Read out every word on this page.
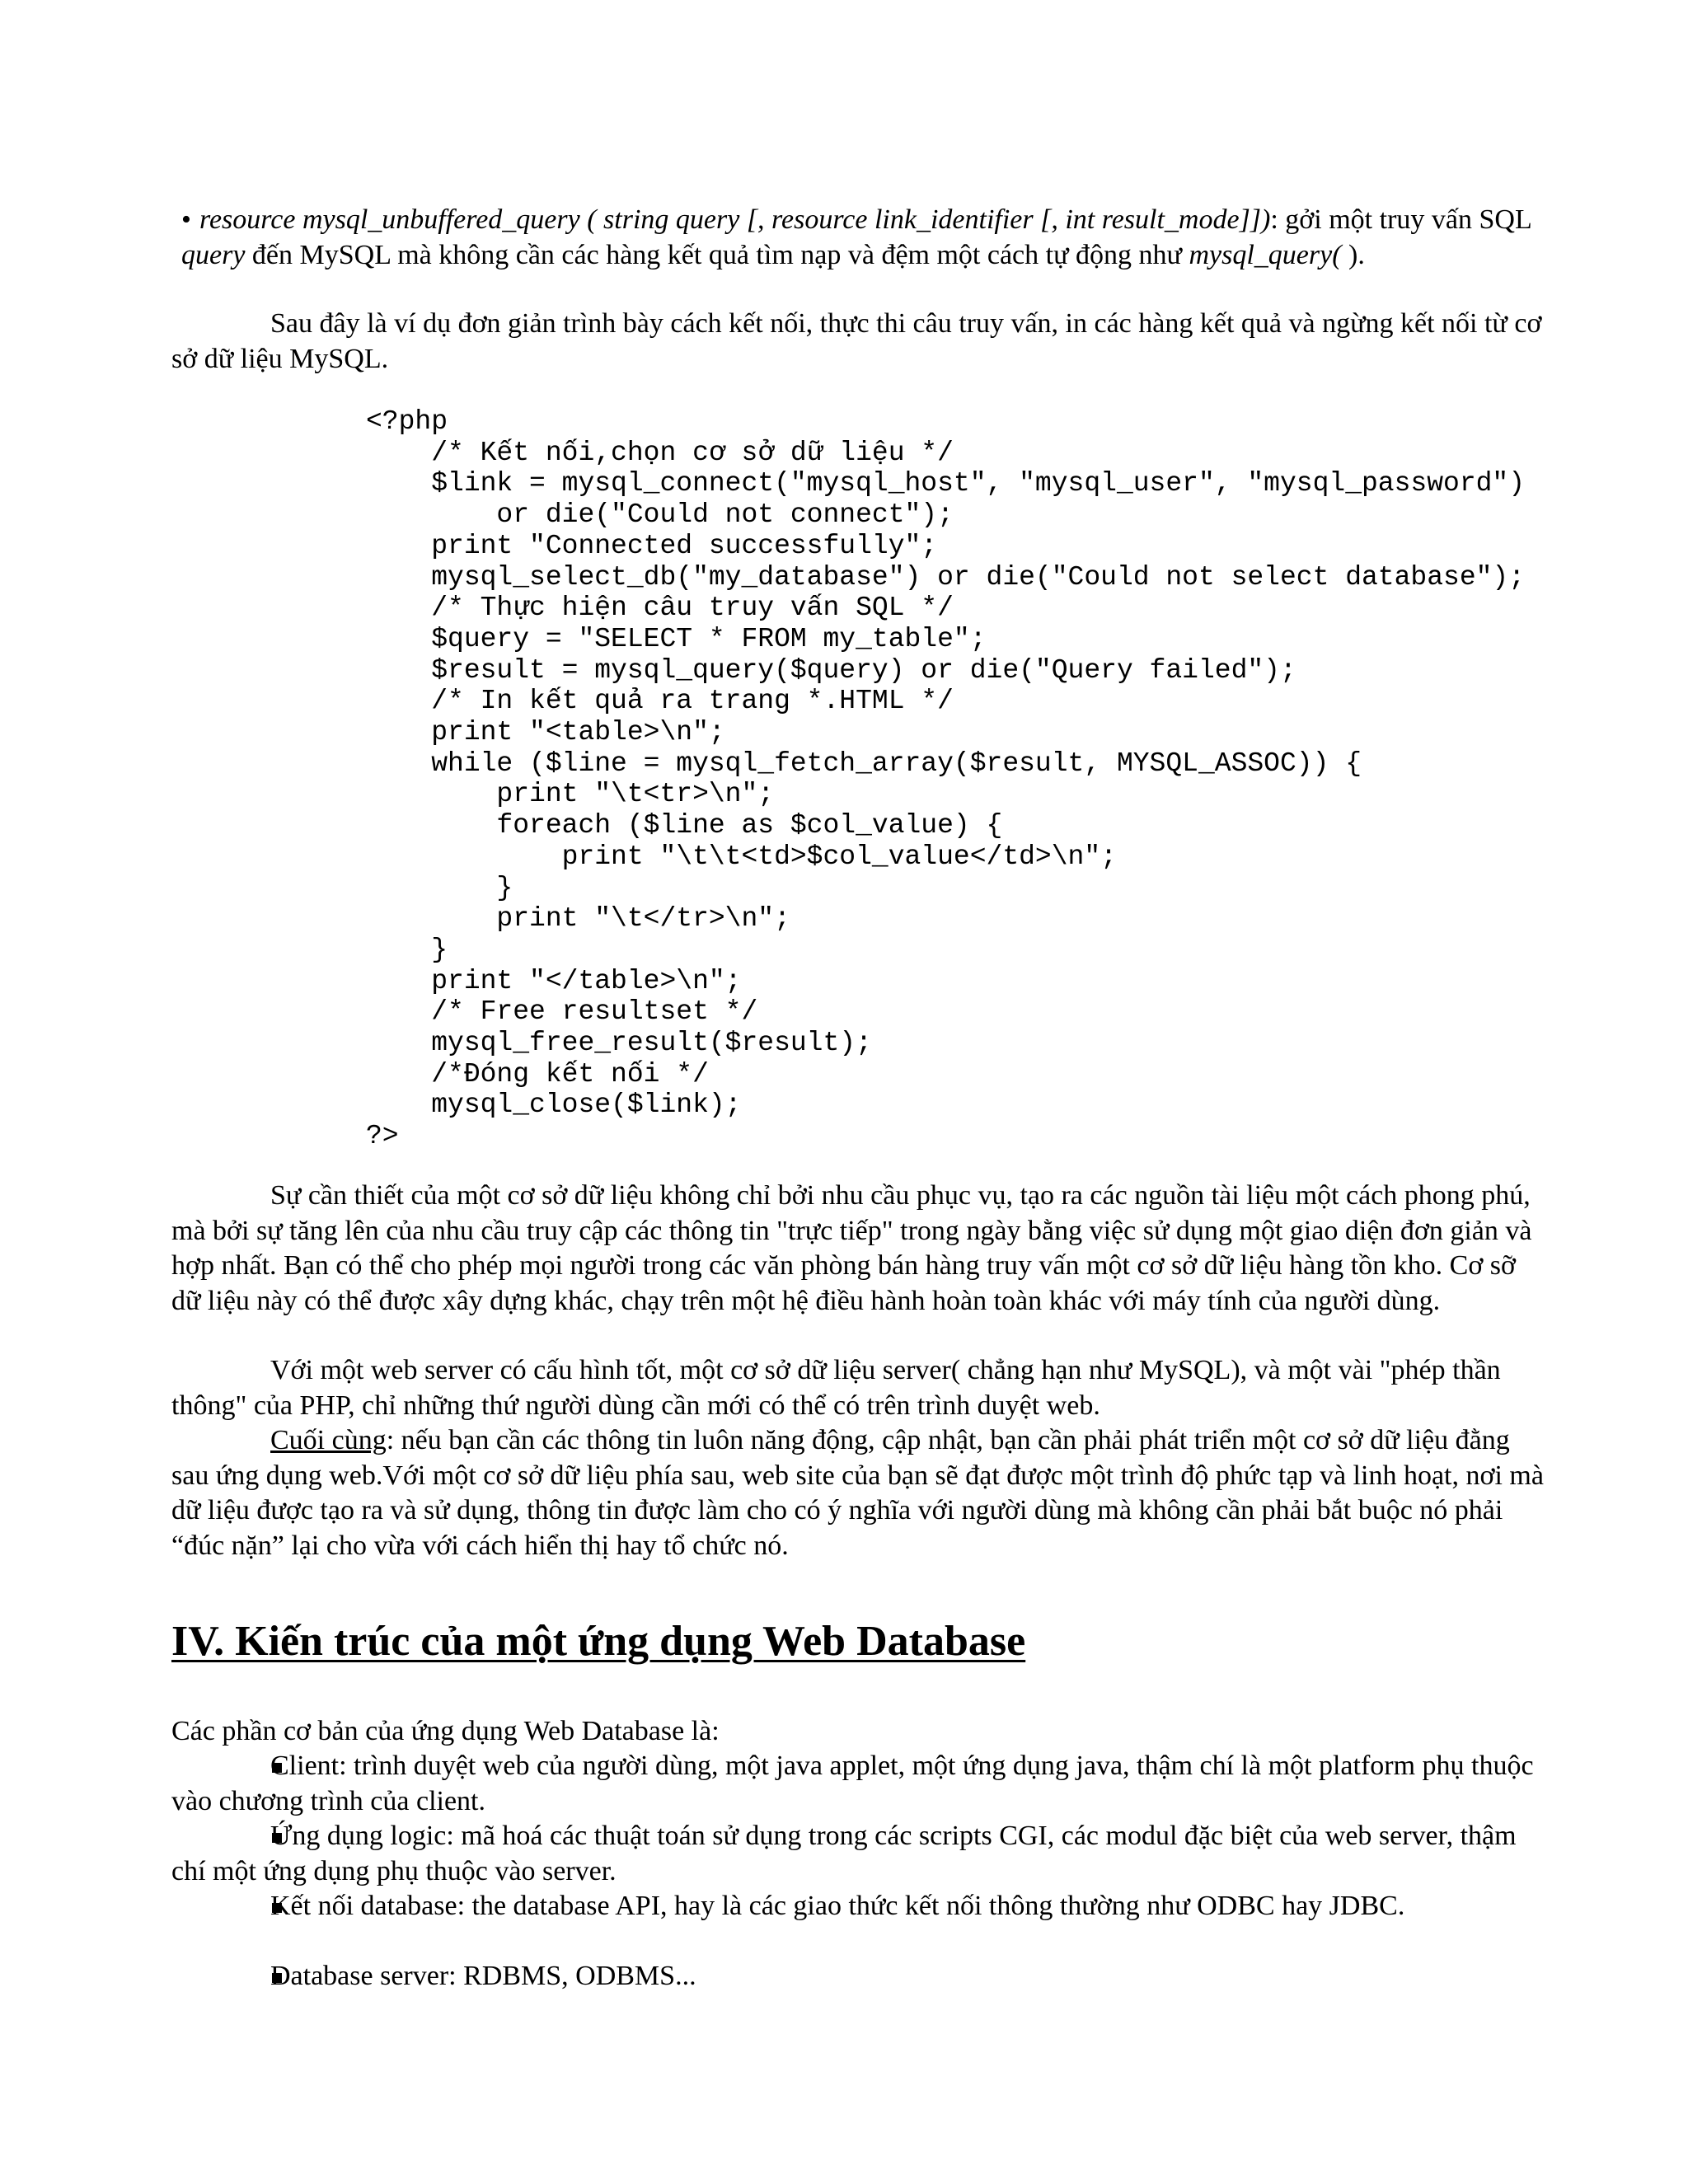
• resource mysql_unbuffered_query ( string query [, resource link_identifier [, int result_mode]]): gởi một truy vấn SQL query đến MySQL mà không cần các hàng kết quả tìm nạp và đệm một cách tự động như mysql_query( ).

Sau đây là ví dụ đơn giản trình bày cách kết nối, thực thi câu truy vấn, in các hàng kết quả và ngừng kết nối từ cơ sở dữ liệu MySQL.

<?php
/* Kết nối,chọn cơ sở dữ liệu */
$link = mysql_connect("mysql_host", "mysql_user", "mysql_password")
or die("Could not connect");
print "Connected successfully";
mysql_select_db("my_database") or die("Could not select database");
/* Thực hiện câu truy vấn SQL */
$query = "SELECT * FROM my_table";
$result = mysql_query($query) or die("Query failed");
/* In kết quả ra trang *.HTML */
print "<table>\n";
while ($line = mysql_fetch_array($result, MYSQL_ASSOC)) {
print "\t<tr>\n";
foreach ($line as $col_value) {
print "\t\t<td>$col_value</td>\n";
}
print "\t</tr>\n";
}
print "</table>\n";
/* Free resultset */
mysql_free_result($result);
/*Đóng kết nối */
mysql_close($link);
?>

Sự cần thiết của một cơ sở dữ liệu không chỉ bởi nhu cầu phục vụ, tạo ra các nguồn tài liệu một cách phong phú, mà bởi sự tăng lên của nhu cầu truy cập các thông tin "trực tiếp" trong ngày bằng việc sử dụng một giao diện đơn giản và hợp nhất. Bạn có thể cho phép mọi người trong các văn phòng bán hàng truy vấn một cơ sở dữ liệu hàng tồn kho. Cơ sỡ dữ liệu này có thể được xây dựng khác, chạy trên một hệ điều hành hoàn toàn khác với máy tính của người dùng.

Với một web server có cấu hình tốt, một cơ sở dữ liệu server( chẳng hạn như MySQL), và một vài "phép thần thông" của PHP, chỉ những thứ người dùng cần mới có thể có trên trình duyệt web.

Cuối cùng: nếu bạn cần các thông tin luôn năng động, cập nhật, bạn cần phải phát triển một cơ sở dữ liệu đằng sau ứng dụng web.Với một cơ sở dữ liệu phía sau, web site của bạn sẽ đạt được một trình độ phức tạp và linh hoạt, nơi mà dữ liệu được tạo ra và sử dụng, thông tin được làm cho có ý nghĩa với người dùng mà không cần phải bắt buộc nó phải “đúc nặn” lại cho vừa với cách hiển thị hay tổ chức nó.

IV. Kiến trúc của một ứng dụng Web Database

Các phần cơ bản của ứng dụng Web Database là:

Client: trình duyệt web của người dùng, một java applet, một ứng dụng java, thậm chí là một platform phụ thuộc vào chương trình của client.

Ứng dụng logic: mã hoá các thuật toán sử dụng trong các scripts CGI, các modul đặc biệt của web server, thậm chí một ứng dụng phụ thuộc vào server.

Kết nối database: the database API, hay là các giao thức kết nối thông thường như ODBC hay JDBC.

Database server: RDBMS, ODBMS...
